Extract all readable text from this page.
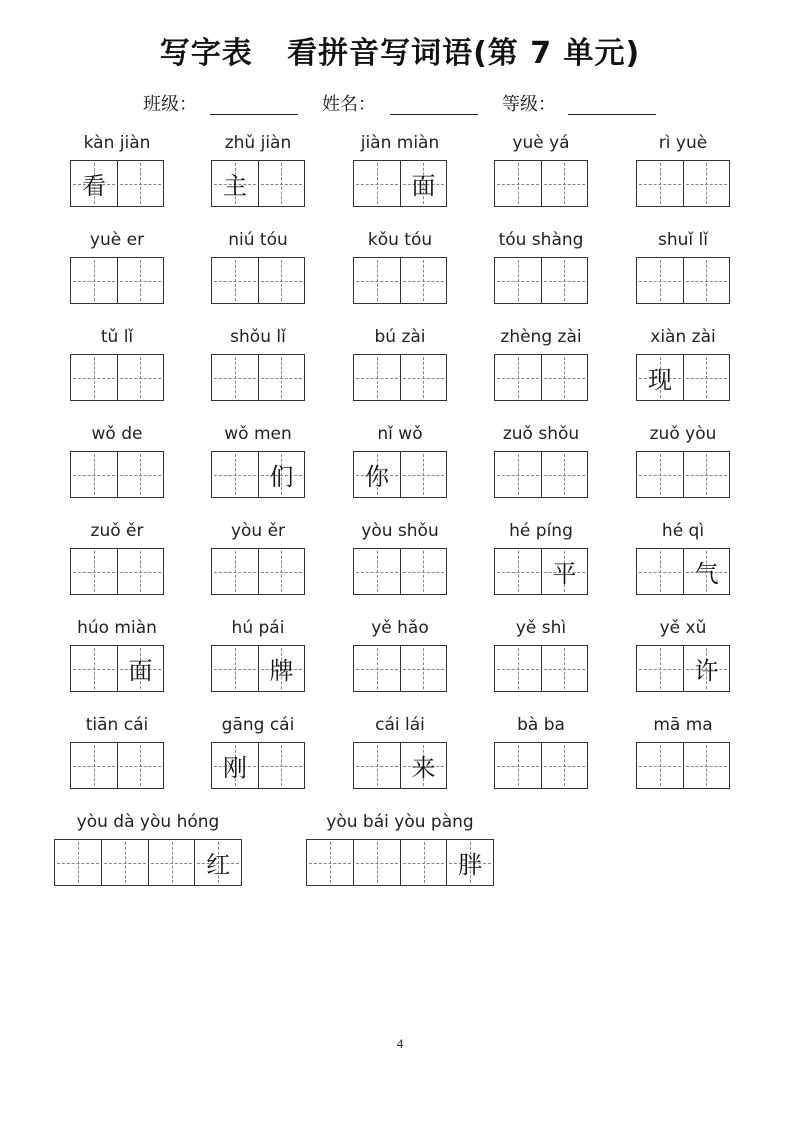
写字表   看拼音写词语(第 7 单元)
班级：	姓名：	等级：
kàn jiàn
看
zhǔ jiàn
主
jiàn miàn
面
yuè yá	rì yuè
yuè er	niú tóu	kǒu tóu	tóu shàng	shuǐ lǐ
tǔ lǐ	shǒu lǐ	bú zài	zhèng zài	xiàn zài
现
wǒ de	wǒ men
们
nǐ wǒ
你
zuǒ shǒu	zuǒ yòu
zuǒ ěr	yòu ěr	yòu shǒu	hé píng
平
hé qì
气
húo miàn
面
hú pái
牌
yě hǎo	yě shì	yě xǔ
许
tiān cái	gāng cái
刚
cái lái
来
bà ba	mā ma
yòu dà yòu hóng
红
yòu bái yòu pàng
胖
4
